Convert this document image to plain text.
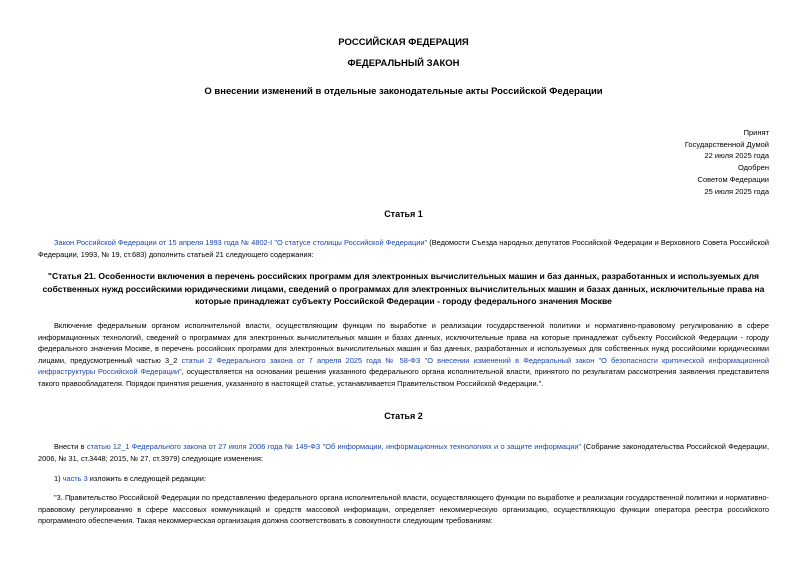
РОССИЙСКАЯ ФЕДЕРАЦИЯ
ФЕДЕРАЛЬНЫЙ ЗАКОН
О внесении изменений в отдельные законодательные акты Российской Федерации
Принят
Государственной Думой
22 июля 2025 года
Одобрен
Советом Федерации
25 июля 2025 года
Статья 1
Закон Российской Федерации от 15 апреля 1993 года № 4802-I "О статусе столицы Российской Федерации" (Ведомости Съезда народных депутатов Российской Федерации и Верховного Совета Российской Федерации, 1993, № 19, ст.683) дополнить статьей 21 следующего содержания:
"Статья 21. Особенности включения в перечень российских программ для электронных вычислительных машин и баз данных, разработанных и используемых для собственных нужд российскими юридическими лицами, сведений о программах для электронных вычислительных машин и базах данных, исключительные права на которые принадлежат субъекту Российской Федерации - городу федерального значения Москве
Включение федеральным органом исполнительной власти, осуществляющим функции по выработке и реализации государственной политики и нормативно-правовому регулированию в сфере информационных технологий, сведений о программах для электронных вычислительных машин и базах данных, исключительные права на которые принадлежат субъекту Российской Федерации - городу федерального значения Москве, в перечень российских программ для электронных вычислительных машин и баз данных, разработанных и используемых для собственных нужд российскими юридическими лицами, предусмотренный частью 3_2 статьи 2 Федерального закона от 7 апреля 2025 года № 58-ФЗ "О внесении изменений в Федеральный закон "О безопасности критической информационной инфраструктуры Российской Федерации", осуществляется на основании решения указанного федерального органа исполнительной власти, принятого по результатам рассмотрения заявления представителя такого правообладателя. Порядок принятия решения, указанного в настоящей статье, устанавливается Правительством Российской Федерации.".
Статья 2
Внести в статью 12_1 Федерального закона от 27 июля 2006 года № 149-ФЗ "Об информации, информационных технологиях и о защите информации" (Собрание законодательства Российской Федерации, 2006, № 31, ст.3448; 2015, № 27, ст.3979) следующие изменения:
1) часть 3 изложить в следующей редакции:
"3. Правительство Российской Федерации по представлению федерального органа исполнительной власти, осуществляющего функции по выработке и реализации государственной политики и нормативно-правовому регулированию в сфере массовых коммуникаций и средств массовой информации, определяет некоммерческую организацию, осуществляющую функции оператора реестра российского программного обеспечения. Такая некоммерческая организация должна соответствовать в совокупности следующим требованиям:
